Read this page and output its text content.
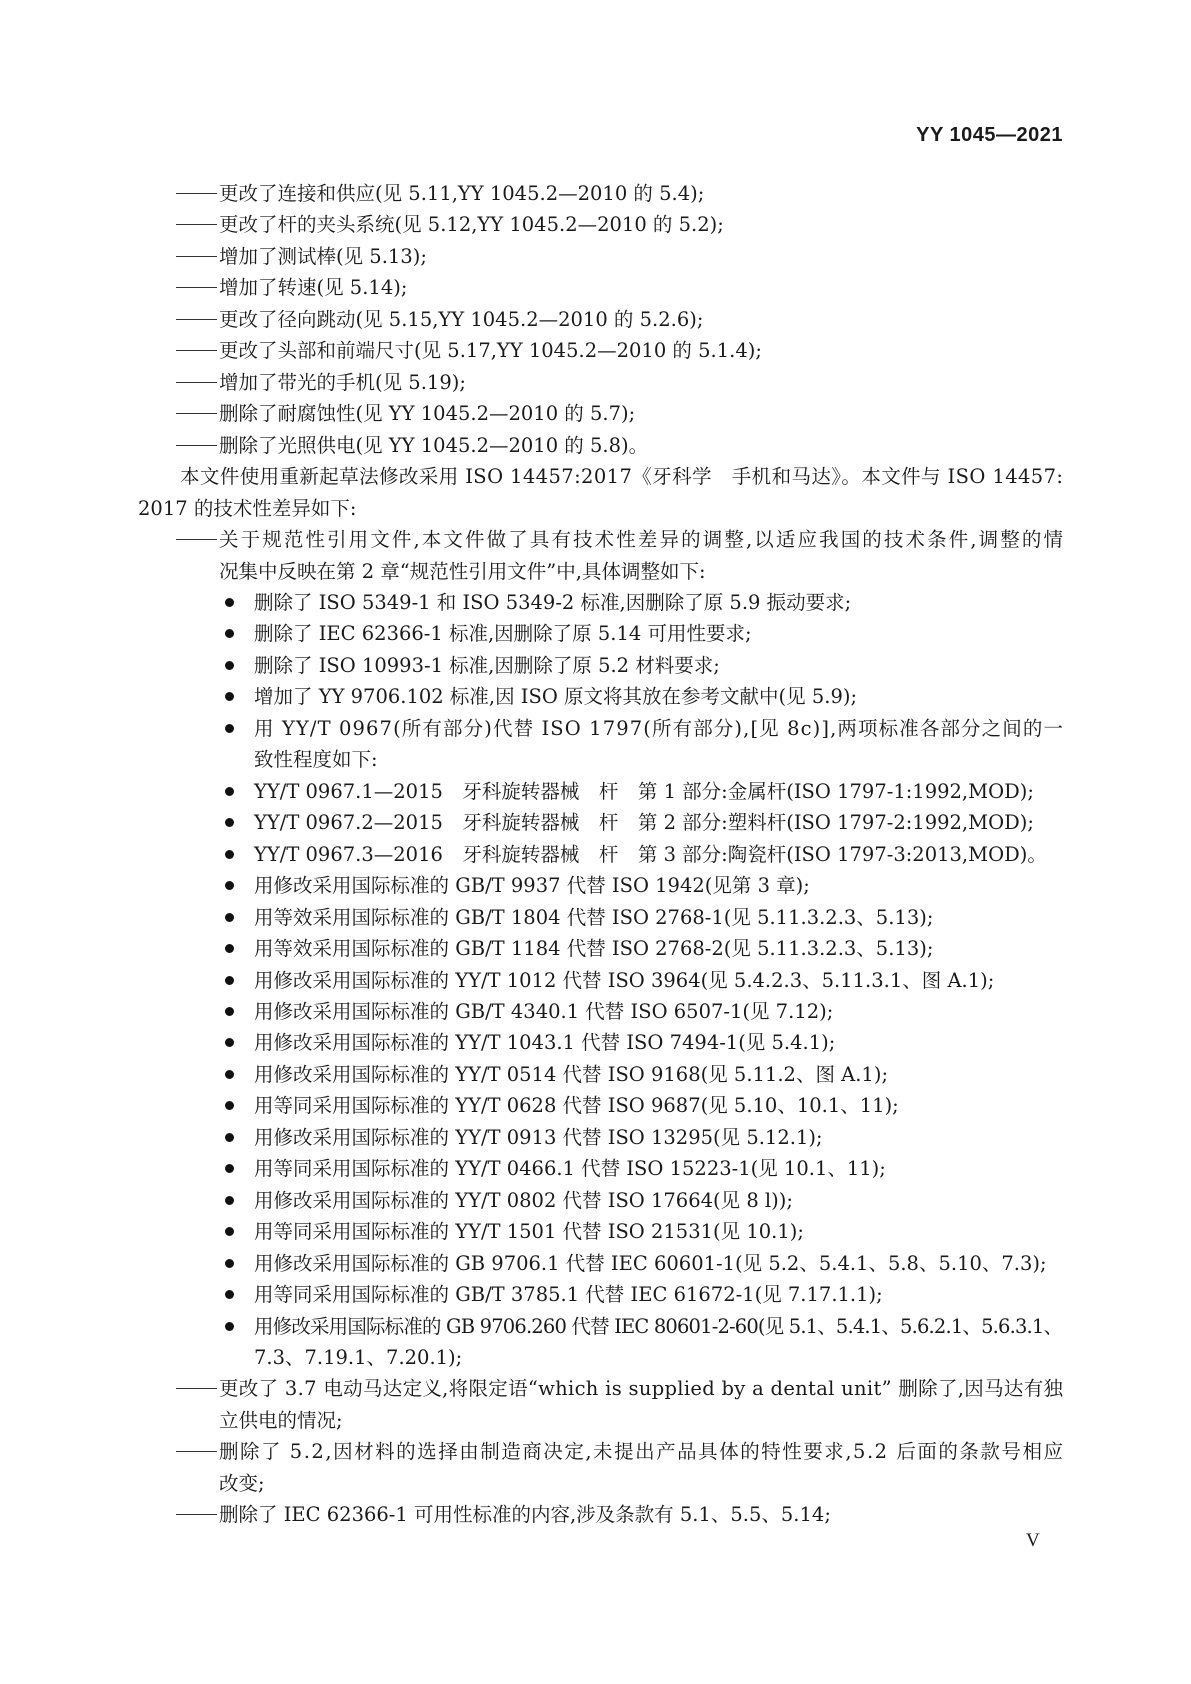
YY 1045—2021
更改了连接和供应(见 5.11,YY 1045.2—2010 的 5.4);
更改了杆的夹头系统(见 5.12,YY 1045.2—2010 的 5.2);
增加了测试棒(见 5.13);
增加了转速(见 5.14);
更改了径向跳动(见 5.15,YY 1045.2—2010 的 5.2.6);
更改了头部和前端尺寸(见 5.17,YY 1045.2—2010 的 5.1.4);
增加了带光的手机(见 5.19);
删除了耐腐蚀性(见 YY 1045.2—2010 的 5.7);
删除了光照供电(见 YY 1045.2—2010 的 5.8)。
本文件使用重新起草法修改采用 ISO 14457:2017《牙科学　手机和马达》。本文件与 ISO 14457:
2017 的技术性差异如下:
关于规范性引用文件,本文件做了具有技术性差异的调整,以适应我国的技术条件,调整的情
况集中反映在第 2 章“规范性引用文件”中,具体调整如下:
删除了 ISO 5349-1 和 ISO 5349-2 标准,因删除了原 5.9 振动要求;
删除了 IEC 62366-1 标准,因删除了原 5.14 可用性要求;
删除了 ISO 10993-1 标准,因删除了原 5.2 材料要求;
增加了 YY 9706.102 标准,因 ISO 原文将其放在参考文献中(见 5.9);
用 YY/T 0967(所有部分)代替 ISO 1797(所有部分),[见 8c)],两项标准各部分之间的一
致性程度如下:
YY/T 0967.1—2015　牙科旋转器械　杆　第 1 部分:金属杆(ISO 1797-1:1992,MOD);
YY/T 0967.2—2015　牙科旋转器械　杆　第 2 部分:塑料杆(ISO 1797-2:1992,MOD);
YY/T 0967.3—2016　牙科旋转器械　杆　第 3 部分:陶瓷杆(ISO 1797-3:2013,MOD)。
用修改采用国际标准的 GB/T 9937 代替 ISO 1942(见第 3 章);
用等效采用国际标准的 GB/T 1804 代替 ISO 2768-1(见 5.11.3.2.3、5.13);
用等效采用国际标准的 GB/T 1184 代替 ISO 2768-2(见 5.11.3.2.3、5.13);
用修改采用国际标准的 YY/T 1012 代替 ISO 3964(见 5.4.2.3、5.11.3.1、图 A.1);
用修改采用国际标准的 GB/T 4340.1 代替 ISO 6507-1(见 7.12);
用修改采用国际标准的 YY/T 1043.1 代替 ISO 7494-1(见 5.4.1);
用修改采用国际标准的 YY/T 0514 代替 ISO 9168(见 5.11.2、图 A.1);
用等同采用国际标准的 YY/T 0628 代替 ISO 9687(见 5.10、10.1、11);
用修改采用国际标准的 YY/T 0913 代替 ISO 13295(见 5.12.1);
用等同采用国际标准的 YY/T 0466.1 代替 ISO 15223-1(见 10.1、11);
用修改采用国际标准的 YY/T 0802 代替 ISO 17664(见 8 l));
用等同采用国际标准的 YY/T 1501 代替 ISO 21531(见 10.1);
用修改采用国际标准的 GB 9706.1 代替 IEC 60601-1(见 5.2、5.4.1、5.8、5.10、7.3);
用等同采用国际标准的 GB/T 3785.1 代替 IEC 61672-1(见 7.17.1.1);
用修改采用国际标准的 GB 9706.260 代替 IEC 80601-2-60(见 5.1、5.4.1、5.6.2.1、5.6.3.1、
7.3、7.19.1、7.20.1);
更改了 3.7 电动马达定义,将限定语“which is supplied by a dental unit” 删除了,因马达有独
立供电的情况;
删除了 5.2,因材料的选择由制造商决定,未提出产品具体的特性要求,5.2 后面的条款号相应
改变;
删除了 IEC 62366-1 可用性标准的内容,涉及条款有 5.1、5.5、5.14;
V
